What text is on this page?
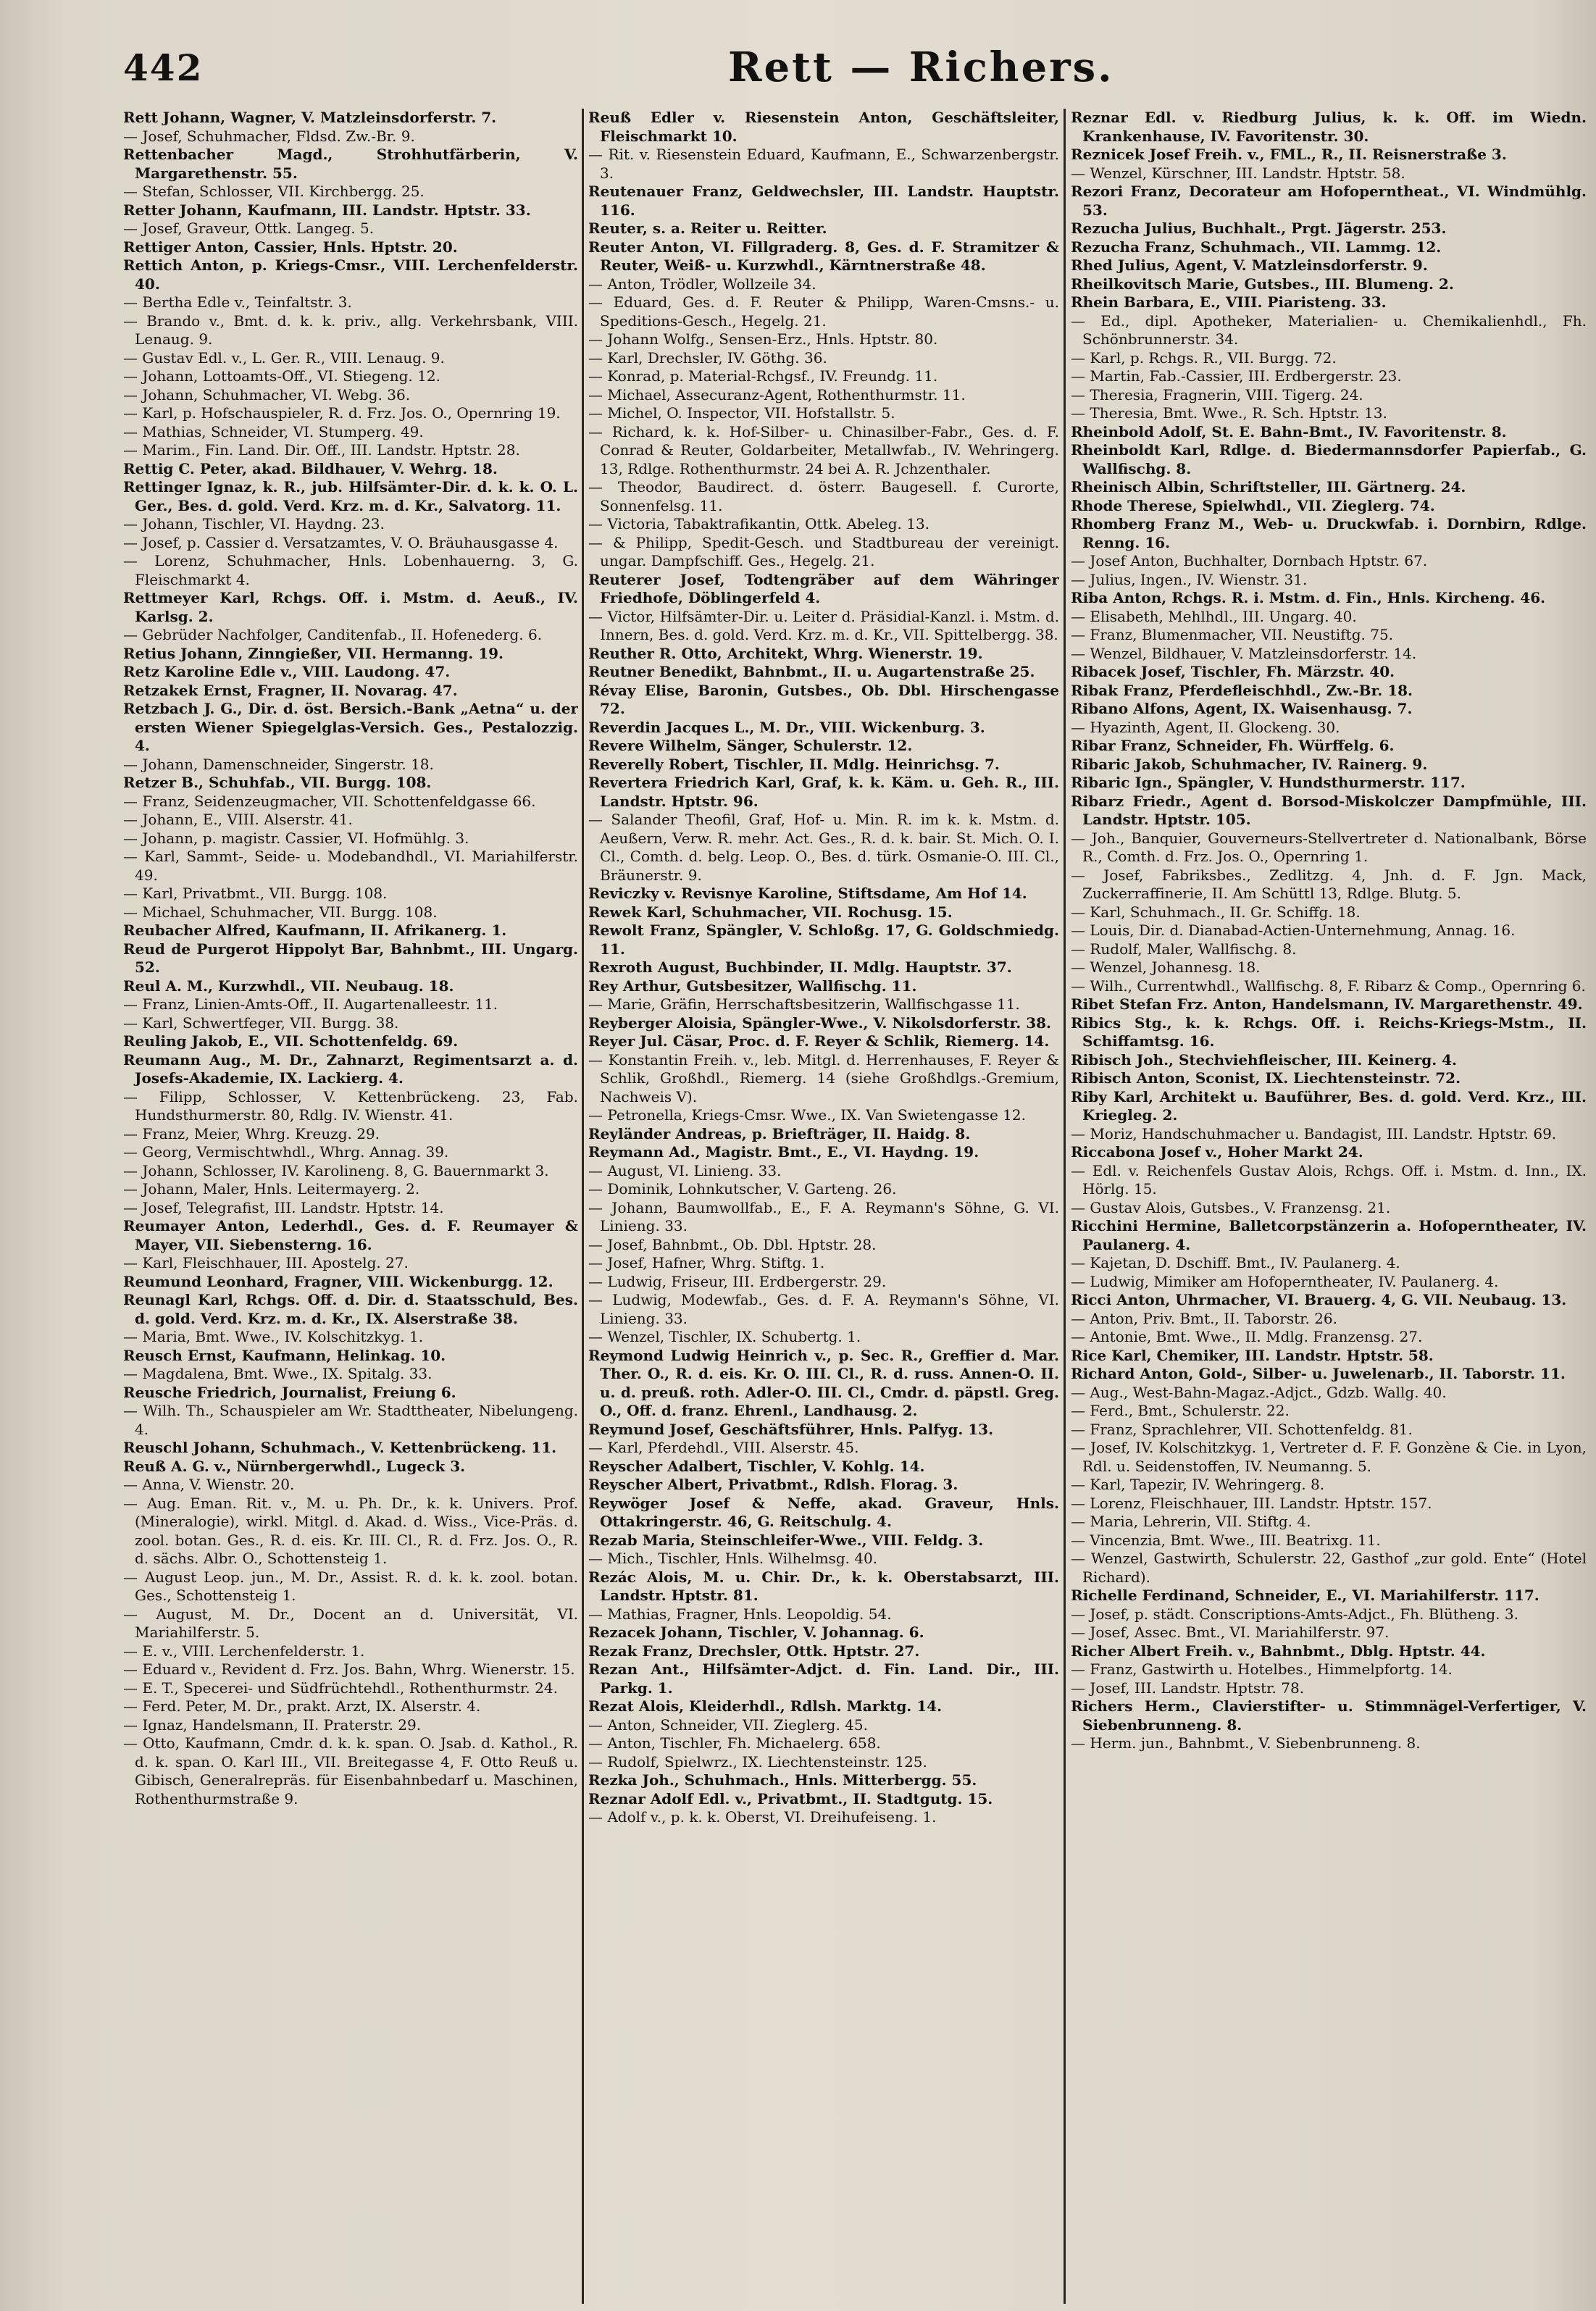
442	Rett — Richers.

Rett Johann, Wagner, V. Matzleinsdorferstr. 7.

— Josef, Schuhmacher, Fldsd. Zw.-Br. 9.

Rettenbacher Magd., Strohhutfärberin, V. Margarethenstr. 55.

— Stefan, Schlosser, VII. Kirchbergg. 25.

Retter Johann, Kaufmann, III. Landstr. Hptstr. 33.

— Josef, Graveur, Ottk. Langeg. 5.

Rettiger Anton, Cassier, Hnls. Hptstr. 20.

Rettich Anton, p. Kriegs-Cmsr., VIII. Lerchenfelderstr. 40.

— Bertha Edle v., Teinfaltstr. 3.

— Brando v., Bmt. d. k. k. priv., allg. Verkehrsbank, VIII. Lenaug. 9.

— Gustav Edl. v., L. Ger. R., VIII. Lenaug. 9.

— Johann, Lottoamts-Off., VI. Stiegeng. 12.

— Johann, Schuhmacher, VI. Webg. 36.

— Karl, p. Hofschauspieler, R. d. Frz. Jos. O., Opernring 19.

— Mathias, Schneider, VI. Stumperg. 49.

— Marim., Fin. Land. Dir. Off., III. Landstr. Hptstr. 28.

Rettig C. Peter, akad. Bildhauer, V. Wehrg. 18.

Rettinger Ignaz, k. R., jub. Hilfsämter-Dir. d. k. k. O. L. Ger., Bes. d. gold. Verd. Krz. m. d. Kr., Salvatorg. 11.

— Johann, Tischler, VI. Haydng. 23.

— Josef, p. Cassier d. Versatzamtes, V. O. Bräuhausgasse 4.

— Lorenz, Schuhmacher, Hnls. Lobenhauerng. 3, G. Fleischmarkt 4.

Rettmeyer Karl, Rchgs. Off. i. Mstm. d. Aeuß., IV. Karlsg. 2.

— Gebrüder Nachfolger, Canditenfab., II. Hofenederg. 6.

Retius Johann, Zinngießer, VII. Hermanng. 19.

Retz Karoline Edle v., VIII. Laudong. 47.

Retzakek Ernst, Fragner, II. Novarag. 47.

Retzbach J. G., Dir. d. öst. Bersich.-Bank „Aetna“ u. der ersten Wiener Spiegelglas-Versich. Ges., Pestalozzig. 4.

— Johann, Damenschneider, Singerstr. 18.

Retzer B., Schuhfab., VII. Burgg. 108.

— Franz, Seidenzeugmacher, VII. Schottenfeldgasse 66.

— Johann, E., VIII. Alserstr. 41.

— Johann, p. magistr. Cassier, VI. Hofmühlg. 3.

— Karl, Sammt-, Seide- u. Modebandhdl., VI. Mariahilferstr. 49.

— Karl, Privatbmt., VII. Burgg. 108.

— Michael, Schuhmacher, VII. Burgg. 108.

Reubacher Alfred, Kaufmann, II. Afrikanerg. 1.

Reud de Purgerot Hippolyt Bar, Bahnbmt., III. Ungarg. 52.

Reul A. M., Kurzwhdl., VII. Neubaug. 18.

— Franz, Linien-Amts-Off., II. Augartenalleestr. 11.

— Karl, Schwertfeger, VII. Burgg. 38.

Reuling Jakob, E., VII. Schottenfeldg. 69.

Reumann Aug., M. Dr., Zahnarzt, Regimentsarzt a. d. Josefs-Akademie, IX. Lackierg. 4.

— Filipp, Schlosser, V. Kettenbrückeng. 23, Fab. Hundsthurmerstr. 80, Rdlg. IV. Wienstr. 41.

— Franz, Meier, Whrg. Kreuzg. 29.

— Georg, Vermischtwhdl., Whrg. Annag. 39.

— Johann, Schlosser, IV. Karolineng. 8, G. Bauernmarkt 3.

— Johann, Maler, Hnls. Leitermayerg. 2.

— Josef, Telegrafist, III. Landstr. Hptstr. 14.

Reumayer Anton, Lederhdl., Ges. d. F. Reumayer & Mayer, VII. Siebensterng. 16.

— Karl, Fleischhauer, III. Apostelg. 27.

Reumund Leonhard, Fragner, VIII. Wickenburgg. 12.

Reunagl Karl, Rchgs. Off. d. Dir. d. Staatsschuld, Bes. d. gold. Verd. Krz. m. d. Kr., IX. Alserstraße 38.

— Maria, Bmt. Wwe., IV. Kolschitzkyg. 1.

Reusch Ernst, Kaufmann, Helinkag. 10.

— Magdalena, Bmt. Wwe., IX. Spitalg. 33.

Reusche Friedrich, Journalist, Freiung 6.

— Wilh. Th., Schauspieler am Wr. Stadttheater, Nibelungeng. 4.

Reuschl Johann, Schuhmach., V. Kettenbrückeng. 11.

Reuß A. G. v., Nürnbergerwhdl., Lugeck 3.

— Anna, V. Wienstr. 20.

— Aug. Eman. Rit. v., M. u. Ph. Dr., k. k. Univers. Prof. (Mineralogie), wirkl. Mitgl. d. Akad. d. Wiss., Vice-Präs. d. zool. botan. Ges., R. d. eis. Kr. III. Cl., R. d. Frz. Jos. O., R. d. sächs. Albr. O., Schottensteig 1.

— August Leop. jun., M. Dr., Assist. R. d. k. k. zool. botan. Ges., Schottensteig 1.

— August, M. Dr., Docent an d. Universität, VI. Mariahilferstr. 5.

— E. v., VIII. Lerchenfelderstr. 1.

— Eduard v., Revident d. Frz. Jos. Bahn, Whrg. Wienerstr. 15.

— E. T., Specerei- und Südfrüchtehdl., Rothenthurmstr. 24.

— Ferd. Peter, M. Dr., prakt. Arzt, IX. Alserstr. 4.

— Ignaz, Handelsmann, II. Praterstr. 29.

— Otto, Kaufmann, Cmdr. d. k. k. span. O. Jsab. d. Kathol., R. d. k. span. O. Karl III., VII. Breitegasse 4, F. Otto Reuß u. Gibisch, Generalrepräs. für Eisenbahnbedarf u. Maschinen, Rothenthurmstraße 9.

Reuß Edler v. Riesenstein Anton, Geschäftsleiter, Fleischmarkt 10.

— Rit. v. Riesenstein Eduard, Kaufmann, E., Schwarzenbergstr. 3.

Reutenauer Franz, Geldwechsler, III. Landstr. Hauptstr. 116.

Reuter, s. a. Reiter u. Reitter.

Reuter Anton, VI. Fillgraderg. 8, Ges. d. F. Stramitzer & Reuter, Weiß- u. Kurzwhdl., Kärntnerstraße 48.

— Anton, Trödler, Wollzeile 34.

— Eduard, Ges. d. F. Reuter & Philipp, Waren-Cmsns.- u. Speditions-Gesch., Hegelg. 21.

— Johann Wolfg., Sensen-Erz., Hnls. Hptstr. 80.

— Karl, Drechsler, IV. Göthg. 36.

— Konrad, p. Material-Rchgsf., IV. Freundg. 11.

— Michael, Assecuranz-Agent, Rothenthurmstr. 11.

— Michel, O. Inspector, VII. Hofstallstr. 5.

— Richard, k. k. Hof-Silber- u. Chinasilber-Fabr., Ges. d. F. Conrad & Reuter, Goldarbeiter, Metallwfab., IV. Wehringerg. 13, Rdlge. Rothenthurmstr. 24 bei A. R. Jchzenthaler.

— Theodor, Baudirect. d. österr. Baugesell. f. Curorte, Sonnenfelsg. 11.

— Victoria, Tabaktrafikantin, Ottk. Abeleg. 13.

— & Philipp, Spedit-Gesch. und Stadtbureau der vereinigt. ungar. Dampfschiff. Ges., Hegelg. 21.

Reuterer Josef, Todtengräber auf dem Währinger Friedhofe, Döblingerfeld 4.

— Victor, Hilfsämter-Dir. u. Leiter d. Präsidial-Kanzl. i. Mstm. d. Innern, Bes. d. gold. Verd. Krz. m. d. Kr., VII. Spittelbergg. 38.

Reuther R. Otto, Architekt, Whrg. Wienerstr. 19.

Reutner Benedikt, Bahnbmt., II. u. Augartenstraße 25.

Révay Elise, Baronin, Gutsbes., Ob. Dbl. Hirschengasse 72.

Reverdin Jacques L., M. Dr., VIII. Wickenburg. 3.

Revere Wilhelm, Sänger, Schulerstr. 12.

Reverelly Robert, Tischler, II. Mdlg. Heinrichsg. 7.

Revertera Friedrich Karl, Graf, k. k. Käm. u. Geh. R., III. Landstr. Hptstr. 96.

— Salander Theofil, Graf, Hof- u. Min. R. im k. k. Mstm. d. Aeußern, Verw. R. mehr. Act. Ges., R. d. k. bair. St. Mich. O. I. Cl., Comth. d. belg. Leop. O., Bes. d. türk. Osmanie-O. III. Cl., Bräunerstr. 9.

Reviczky v. Revisnye Karoline, Stiftsdame, Am Hof 14.

Rewek Karl, Schuhmacher, VII. Rochusg. 15.

Rewolt Franz, Spängler, V. Schloßg. 17, G. Goldschmiedg. 11.

Rexroth August, Buchbinder, II. Mdlg. Hauptstr. 37.

Rey Arthur, Gutsbesitzer, Wallfischg. 11.

— Marie, Gräfin, Herrschaftsbesitzerin, Wallfischgasse 11.

Reyberger Aloisia, Spängler-Wwe., V. Nikolsdorferstr. 38.

Reyer Jul. Cäsar, Proc. d. F. Reyer & Schlik, Riemerg. 14.

— Konstantin Freih. v., leb. Mitgl. d. Herrenhauses, F. Reyer & Schlik, Großhdl., Riemerg. 14 (siehe Großhdlgs.-Gremium, Nachweis V).

— Petronella, Kriegs-Cmsr. Wwe., IX. Van Swietengasse 12.

Reyländer Andreas, p. Briefträger, II. Haidg. 8.

Reymann Ad., Magistr. Bmt., E., VI. Haydng. 19.

— August, VI. Linieng. 33.

— Dominik, Lohnkutscher, V. Garteng. 26.

— Johann, Baumwollfab., E., F. A. Reymann's Söhne, G. VI. Linieng. 33.

— Josef, Bahnbmt., Ob. Dbl. Hptstr. 28.

— Josef, Hafner, Whrg. Stiftg. 1.

— Ludwig, Friseur, III. Erdbergerstr. 29.

— Ludwig, Modewfab., Ges. d. F. A. Reymann's Söhne, VI. Linieng. 33.

— Wenzel, Tischler, IX. Schubertg. 1.

Reymond Ludwig Heinrich v., p. Sec. R., Greffier d. Mar. Ther. O., R. d. eis. Kr. O. III. Cl., R. d. russ. Annen-O. II. u. d. preuß. roth. Adler-O. III. Cl., Cmdr. d. päpstl. Greg. O., Off. d. franz. Ehrenl., Landhausg. 2.

Reymund Josef, Geschäftsführer, Hnls. Palfyg. 13.

— Karl, Pferdehdl., VIII. Alserstr. 45.

Reyscher Adalbert, Tischler, V. Kohlg. 14.

Reyscher Albert, Privatbmt., Rdlsh. Florag. 3.

Reywöger Josef & Neffe, akad. Graveur, Hnls. Ottakringerstr. 46, G. Reitschulg. 4.

Rezab Maria, Steinschleifer-Wwe., VIII. Feldg. 3.

— Mich., Tischler, Hnls. Wilhelmsg. 40.

Rezác Alois, M. u. Chir. Dr., k. k. Oberstabsarzt, III. Landstr. Hptstr. 81.

— Mathias, Fragner, Hnls. Leopoldig. 54.

Rezacek Johann, Tischler, V. Johannag. 6.

Rezak Franz, Drechsler, Ottk. Hptstr. 27.

Rezan Ant., Hilfsämter-Adjct. d. Fin. Land. Dir., III. Parkg. 1.

Rezat Alois, Kleiderhdl., Rdlsh. Marktg. 14.

— Anton, Schneider, VII. Zieglerg. 45.

— Anton, Tischler, Fh. Michaelerg. 658.

— Rudolf, Spielwrz., IX. Liechtensteinstr. 125.

Rezka Joh., Schuhmach., Hnls. Mitterbergg. 55.

Reznar Adolf Edl. v., Privatbmt., II. Stadtgutg. 15.

— Adolf v., p. k. k. Oberst, VI. Dreihufeiseng. 1.

Reznar Edl. v. Riedburg Julius, k. k. Off. im Wiedn. Krankenhause, IV. Favoritenstr. 30.

Reznicek Josef Freih. v., FML., R., II. Reisnerstraße 3.

— Wenzel, Kürschner, III. Landstr. Hptstr. 58.

Rezori Franz, Decorateur am Hofoperntheat., VI. Windmühlg. 53.

Rezucha Julius, Buchhalt., Prgt. Jägerstr. 253.

Rezucha Franz, Schuhmach., VII. Lammg. 12.

Rhed Julius, Agent, V. Matzleinsdorferstr. 9.

Rheilkovitsch Marie, Gutsbes., III. Blumeng. 2.

Rhein Barbara, E., VIII. Piaristeng. 33.

— Ed., dipl. Apotheker, Materialien- u. Chemikalienhdl., Fh. Schönbrunnerstr. 34.

— Karl, p. Rchgs. R., VII. Burgg. 72.

— Martin, Fab.-Cassier, III. Erdbergerstr. 23.

— Theresia, Fragnerin, VIII. Tigerg. 24.

— Theresia, Bmt. Wwe., R. Sch. Hptstr. 13.

Rheinbold Adolf, St. E. Bahn-Bmt., IV. Favoritenstr. 8.

Rheinboldt Karl, Rdlge. d. Biedermannsdorfer Papierfab., G. Wallfischg. 8.

Rheinisch Albin, Schriftsteller, III. Gärtnerg. 24.

Rhode Therese, Spielwhdl., VII. Zieglerg. 74.

Rhomberg Franz M., Web- u. Druckwfab. i. Dornbirn, Rdlge. Renng. 16.

— Josef Anton, Buchhalter, Dornbach Hptstr. 67.

— Julius, Ingen., IV. Wienstr. 31.

Riba Anton, Rchgs. R. i. Mstm. d. Fin., Hnls. Kircheng. 46.

— Elisabeth, Mehlhdl., III. Ungarg. 40.

— Franz, Blumenmacher, VII. Neustiftg. 75.

— Wenzel, Bildhauer, V. Matzleinsdorferstr. 14.

Ribacek Josef, Tischler, Fh. Märzstr. 40.

Ribak Franz, Pferdefleischhdl., Zw.-Br. 18.

Ribano Alfons, Agent, IX. Waisenhausg. 7.

— Hyazinth, Agent, II. Glockeng. 30.

Ribar Franz, Schneider, Fh. Würffelg. 6.

Ribaric Jakob, Schuhmacher, IV. Rainerg. 9.

Ribaric Ign., Spängler, V. Hundsthurmerstr. 117.

Ribarz Friedr., Agent d. Borsod-Miskolczer Dampfmühle, III. Landstr. Hptstr. 105.

— Joh., Banquier, Gouverneurs-Stellvertreter d. Nationalbank, Börse R., Comth. d. Frz. Jos. O., Opernring 1.

— Josef, Fabriksbes., Zedlitzg. 4, Jnh. d. F. Jgn. Mack, Zuckerraffinerie, II. Am Schüttl 13, Rdlge. Blutg. 5.

— Karl, Schuhmach., II. Gr. Schiffg. 18.

— Louis, Dir. d. Dianabad-Actien-Unternehmung, Annag. 16.

— Rudolf, Maler, Wallfischg. 8.

— Wenzel, Johannesg. 18.

— Wilh., Currentwhdl., Wallfischg. 8, F. Ribarz & Comp., Opernring 6.

Ribet Stefan Frz. Anton, Handelsmann, IV. Margarethenstr. 49.

Ribics Stg., k. k. Rchgs. Off. i. Reichs-Kriegs-Mstm., II. Schiffamtsg. 16.

Ribisch Joh., Stechviehfleischer, III. Keinerg. 4.

Ribisch Anton, Sconist, IX. Liechtensteinstr. 72.

Riby Karl, Architekt u. Bauführer, Bes. d. gold. Verd. Krz., III. Kriegleg. 2.

— Moriz, Handschuhmacher u. Bandagist, III. Landstr. Hptstr. 69.

Riccabona Josef v., Hoher Markt 24.

— Edl. v. Reichenfels Gustav Alois, Rchgs. Off. i. Mstm. d. Inn., IX. Hörlg. 15.

— Gustav Alois, Gutsbes., V. Franzensg. 21.

Ricchini Hermine, Balletcorpstänzerin a. Hofoperntheater, IV. Paulanerg. 4.

— Kajetan, D. Dschiff. Bmt., IV. Paulanerg. 4.

— Ludwig, Mimiker am Hofoperntheater, IV. Paulanerg. 4.

Ricci Anton, Uhrmacher, VI. Brauerg. 4, G. VII. Neubaug. 13.

— Anton, Priv. Bmt., II. Taborstr. 26.

— Antonie, Bmt. Wwe., II. Mdlg. Franzensg. 27.

Rice Karl, Chemiker, III. Landstr. Hptstr. 58.

Richard Anton, Gold-, Silber- u. Juwelenarb., II. Taborstr. 11.

— Aug., West-Bahn-Magaz.-Adjct., Gdzb. Wallg. 40.

— Ferd., Bmt., Schulerstr. 22.

— Franz, Sprachlehrer, VII. Schottenfeldg. 81.

— Josef, IV. Kolschitzkyg. 1, Vertreter d. F. F. Gonzène & Cie. in Lyon, Rdl. u. Seidenstoffen, IV. Neumanng. 5.

— Karl, Tapezir, IV. Wehringerg. 8.

— Lorenz, Fleischhauer, III. Landstr. Hptstr. 157.

— Maria, Lehrerin, VII. Stiftg. 4.

— Vincenzia, Bmt. Wwe., III. Beatrixg. 11.

— Wenzel, Gastwirth, Schulerstr. 22, Gasthof „zur gold. Ente“ (Hotel Richard).

Richelle Ferdinand, Schneider, E., VI. Mariahilferstr. 117.

— Josef, p. städt. Conscriptions-Amts-Adjct., Fh. Blütheng. 3.

— Josef, Assec. Bmt., VI. Mariahilferstr. 97.

Richer Albert Freih. v., Bahnbmt., Dblg. Hptstr. 44.

— Franz, Gastwirth u. Hotelbes., Himmelpfortg. 14.

— Josef, III. Landstr. Hptstr. 78.

Richers Herm., Clavierstifter- u. Stimmnägel-Verfertiger, V. Siebenbrunneng. 8.

— Herm. jun., Bahnbmt., V. Siebenbrunneng. 8.
